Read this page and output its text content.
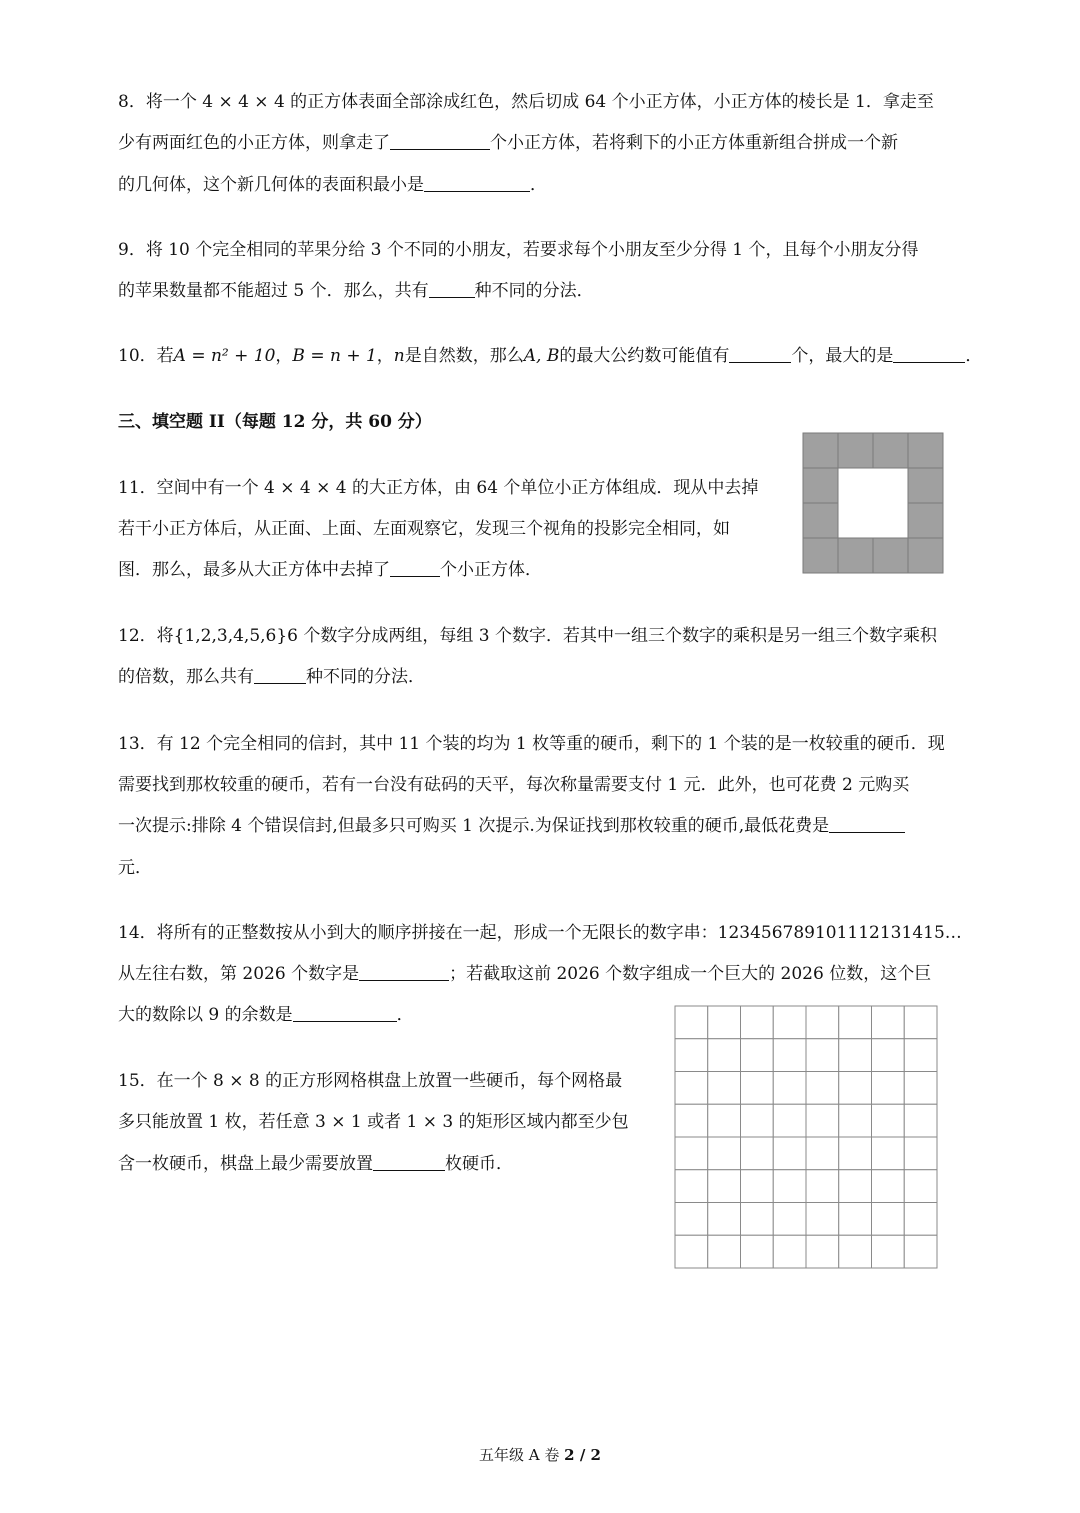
8．将一个 4 × 4 × 4 的正方体表面全部涂成红色，然后切成 64 个小正方体，小正方体的棱长是 1．拿走至
少有两面红色的小正方体，则拿走了	个小正方体，若将剩下的小正方体重新组合拼成一个新
的几何体，这个新几何体的表面积最小是	．
9．将 10 个完全相同的苹果分给 3 个不同的小朋友，若要求每个小朋友至少分得 1 个，且每个小朋友分得
的苹果数量都不能超过 5 个．那么，共有	种不同的分法．
10．若A = n² + 10，B = n + 1，n是自然数，那么A, B的最大公约数可能值有	个，最大的是	．
三、填空题 II（每题 12 分，共 60 分）
11．空间中有一个 4 × 4 × 4 的大正方体，由 64 个单位小正方体组成．现从中去掉
若干小正方体后，从正面、上面、左面观察它，发现三个视角的投影完全相同，如
图．那么，最多从大正方体中去掉了	个小正方体．
12．将{1,2,3,4,5,6}6 个数字分成两组，每组 3 个数字．若其中一组三个数字的乘积是另一组三个数字乘积
的倍数，那么共有	种不同的分法．
13．有 12 个完全相同的信封，其中 11 个装的均为 1 枚等重的硬币，剩下的 1 个装的是一枚较重的硬币．现
需要找到那枚较重的硬币，若有一台没有砝码的天平，每次称量需要支付 1 元．此外，也可花费 2 元购买
一次提示:排除 4 个错误信封,但最多只可购买 1 次提示.为保证找到那枚较重的硬币,最低花费是
元．
14．将所有的正整数按从小到大的顺序拼接在一起，形成一个无限长的数字串：1234567891011121314​15…
从左往右数，第 2026 个数字是	；若截取这前 2026 个数字组成一个巨大的 2026 位数，这个巨
大的数除以 9 的余数是	．
15．在一个 8 × 8 的正方形网格棋盘上放置一些硬币，每个网格最
多只能放置 1 枚，若任意 3 × 1 或者 1 × 3 的矩形区域内都至少包
含一枚硬币，棋盘上最少需要放置	枚硬币．
五年级 A 卷 2 / 2
